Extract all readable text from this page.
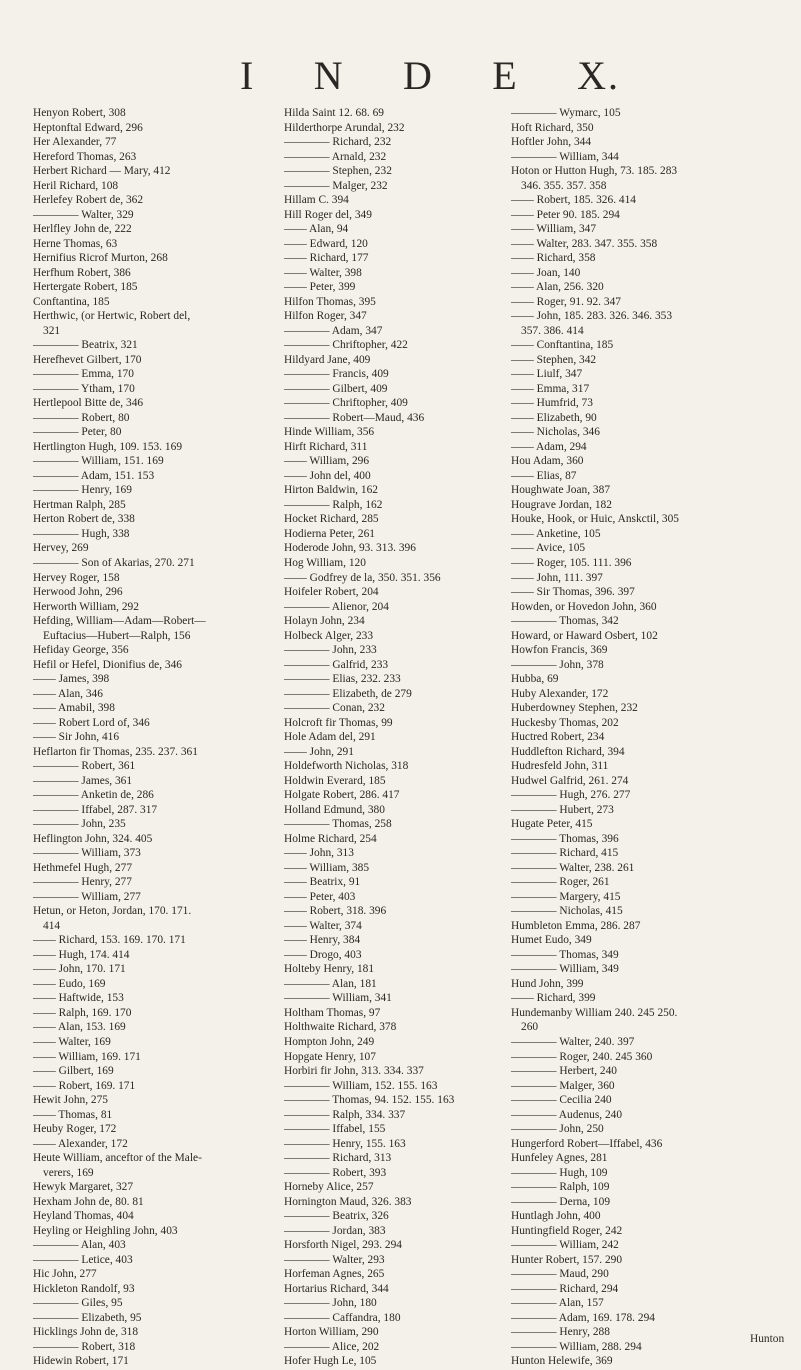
I N D E X.
Henyon Robert, 308
Heptonftal Edward, 296
Her Alexander, 77
Hereford Thomas, 263
Herbert Richard — Mary, 412
Heril Richard, 108
Herlefey Robert de, 362
———— Walter, 329
Herlfley John de, 222
Herne Thomas, 63
Hernifius Ricrof Murton, 268
Herfhum Robert, 386
Hertergate Robert, 185
Conftantina, 185
Herthwic, (or Hertwic, Robert del,
321
———— Beatrix, 321
Herefhevet Gilbert, 170
———— Emma, 170
———— Ytham, 170
Hertlepool Bitte de, 346
———— Robert, 80
———— Peter, 80
Hertlington Hugh, 109. 153. 169
———— William, 151. 169
———— Adam, 151. 153
———— Henry, 169
Hertman Ralph, 285
Herton Robert de, 338
———— Hugh, 338
Hervey, 269
———— Son of Akarias, 270. 271
Hervey Roger, 158
Herwood John, 296
Herworth William, 292
Hefding, William—Adam—Robert—
Euftacius—Hubert—Ralph, 156
Hefiday George, 356
Hefil or Hefel, Dionifius de, 346
—— James, 398
—— Alan, 346
—— Amabil, 398
—— Robert Lord of, 346
—— Sir John, 416
Heflarton fir Thomas, 235. 237. 361
———— Robert, 361
———— James, 361
———— Anketin de, 286
———— Iffabel, 287. 317
———— John, 235
Heflington John, 324. 405
———— William, 373
Hethmefel Hugh, 277
———— Henry, 277
———— William, 277
Hetun, or Heton, Jordan, 170. 171.
414
—— Richard, 153. 169. 170. 171
—— Hugh, 174. 414
—— John, 170. 171
—— Eudo, 169
—— Haftwide, 153
—— Ralph, 169. 170
—— Alan, 153. 169
—— Walter, 169
—— William, 169. 171
—— Gilbert, 169
—— Robert, 169. 171
Hewit John, 275
—— Thomas, 81
Heuby Roger, 172
—— Alexander, 172
Heute William, anceftor of the Male-
verers, 169
Hewyk Margaret, 327
Hexham John de, 80. 81
Heyland Thomas, 404
Heyling or Heighling John, 403
———— Alan, 403
———— Letice, 403
Hic John, 277
Hickleton Randolf, 93
———— Giles, 95
———— Elizabeth, 95
Hicklings John de, 318
———— Robert, 318
Hidewin Robert, 171
Hilda Saint 12. 68. 69
Hilderthorpe Arundal, 232
———— Richard, 232
———— Arnald, 232
———— Stephen, 232
———— Malger, 232
Hillam C. 394
Hill Roger del, 349
—— Alan, 94
—— Edward, 120
—— Richard, 177
—— Walter, 398
—— Peter, 399
Hilfon Thomas, 395
Hilfon Roger, 347
———— Adam, 347
———— Chriftopher, 422
Hildyard Jane, 409
———— Francis, 409
———— Gilbert, 409
———— Chriftopher, 409
———— Robert—Maud, 436
Hinde William, 356
Hirft Richard, 311
—— William, 296
—— John del, 400
Hirton Baldwin, 162
———— Ralph, 162
Hocket Richard, 285
Hodierna Peter, 261
Hoderode John, 93. 313. 396
Hog William, 120
—— Godfrey de la, 350. 351. 356
Hoifeler Robert, 204
———— Alienor, 204
Holayn John, 234
Holbeck Alger, 233
———— John, 233
———— Galfrid, 233
———— Elias, 232. 233
———— Elizabeth, de 279
———— Conan, 232
Holcroft fir Thomas, 99
Hole Adam del, 291
—— John, 291
Holdefworth Nicholas, 318
Holdwin Everard, 185
Holgate Robert, 286. 417
Holland Edmund, 380
———— Thomas, 258
Holme Richard, 254
—— John, 313
—— William, 385
—— Beatrix, 91
—— Peter, 403
—— Robert, 318. 396
—— Walter, 374
—— Henry, 384
—— Drogo, 403
Holteby Henry, 181
———— Alan, 181
———— William, 341
Holtham Thomas, 97
Holthwaite Richard, 378
Hompton John, 249
Hopgate Henry, 107
Horbiri fir John, 313. 334. 337
———— William, 152. 155. 163
———— Thomas, 94. 152. 155. 163
———— Ralph, 334. 337
———— Iffabel, 155
———— Henry, 155. 163
———— Richard, 313
———— Robert, 393
Horneby Alice, 257
Hornington Maud, 326. 383
———— Beatrix, 326
———— Jordan, 383
Horsforth Nigel, 293. 294
———— Walter, 293
Horfeman Agnes, 265
Hortarius Richard, 344
———— John, 180
———— Caffandra, 180
Horton William, 290
———— Alice, 202
Hofer Hugh Le, 105
———— Wymarc, 105
Hoft Richard, 350
Hoftler John, 344
———— William, 344
Hoton or Hutton Hugh, 73. 185. 283
346. 355. 357. 358
—— Robert, 185. 326. 414
—— Peter 90. 185. 294
—— William, 347
—— Walter, 283. 347. 355. 358
—— Richard, 358
—— Joan, 140
—— Alan, 256. 320
—— Roger, 91. 92. 347
—— John, 185. 283. 326. 346. 353
357. 386. 414
—— Conftantina, 185
—— Stephen, 342
—— Liulf, 347
—— Emma, 317
—— Humfrid, 73
—— Elizabeth, 90
—— Nicholas, 346
—— Adam, 294
Hou Adam, 360
—— Elias, 87
Houghwate Joan, 387
Hougrave Jordan, 182
Houke, Hook, or Huic, Anskctil, 305
—— Anketine, 105
—— Avice, 105
—— Roger, 105. 111. 396
—— John, 111. 397
—— Sir Thomas, 396. 397
Howden, or Hovedon John, 360
———— Thomas, 342
Howard, or Haward Osbert, 102
Howfon Francis, 369
———— John, 378
Hubba, 69
Huby Alexander, 172
Huberdowney Stephen, 232
Huckesby Thomas, 202
Huctred Robert, 234
Huddlefton Richard, 394
Hudresfeld John, 311
Hudwel Galfrid, 261. 274
———— Hugh, 276. 277
———— Hubert, 273
Hugate Peter, 415
———— Thomas, 396
———— Richard, 415
———— Walter, 238. 261
———— Roger, 261
———— Margery, 415
———— Nicholas, 415
Humbleton Emma, 286. 287
Humet Eudo, 349
———— Thomas, 349
———— William, 349
Hund John, 399
—— Richard, 399
Hundemanby William 240. 245 250.
260
———— Walter, 240. 397
———— Roger, 240. 245 360
———— Herbert, 240
———— Malger, 360
———— Cecilia 240
———— Audenus, 240
———— John, 250
Hungerford Robert—Iffabel, 436
Hunfeley Agnes, 281
———— Hugh, 109
———— Ralph, 109
———— Derna, 109
Huntlagh John, 400
Huntingfield Roger, 242
———— William, 242
Hunter Robert, 157. 290
———— Maud, 290
———— Richard, 294
———— Alan, 157
———— Adam, 169. 178. 294
———— Henry, 288
———— William, 288. 294
Hunton Helewife, 369
Hunton
